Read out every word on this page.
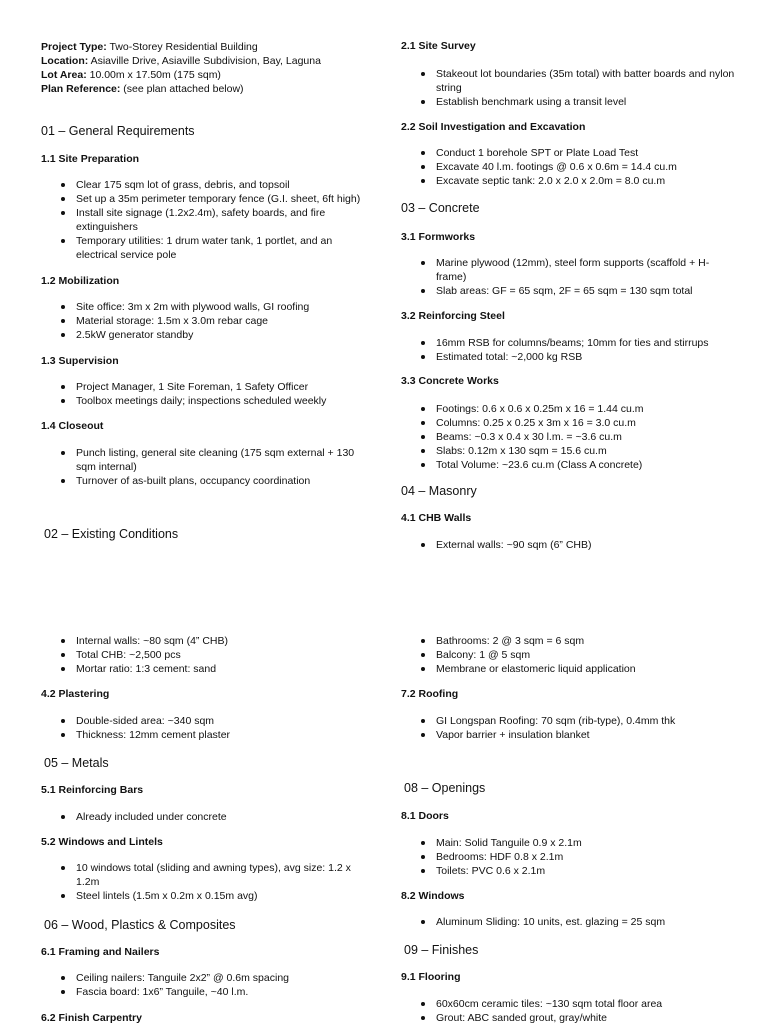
Project Type: Two-Storey Residential Building
Location: Asiaville Drive, Asiaville Subdivision, Bay, Laguna
Lot Area: 10.00m x 17.50m (175 sqm)
Plan Reference: (see plan attached below)
01 – General Requirements
1.1 Site Preparation
Clear 175 sqm lot of grass, debris, and topsoil
Set up a 35m perimeter temporary fence (G.I. sheet, 6ft high)
Install site signage (1.2x2.4m), safety boards, and fire extinguishers
Temporary utilities: 1 drum water tank, 1 portlet, and an electrical service pole
1.2 Mobilization
Site office: 3m x 2m with plywood walls, GI roofing
Material storage: 1.5m x 3.0m rebar cage
2.5kW generator standby
1.3 Supervision
Project Manager, 1 Site Foreman, 1 Safety Officer
Toolbox meetings daily; inspections scheduled weekly
1.4 Closeout
Punch listing, general site cleaning (175 sqm external + 130 sqm internal)
Turnover of as-built plans, occupancy coordination
02 – Existing Conditions
Internal walls: ~80 sqm (4” CHB)
Total CHB: ~2,500 pcs
Mortar ratio: 1:3 cement: sand
4.2 Plastering
Double-sided area: ~340 sqm
Thickness: 12mm cement plaster
05 – Metals
5.1 Reinforcing Bars
Already included under concrete
5.2 Windows and Lintels
10 windows total (sliding and awning types), avg size: 1.2 x 1.2m
Steel lintels (1.5m x 0.2m x 0.15m avg)
06 – Wood, Plastics & Composites
6.1 Framing and Nailers
Ceiling nailers: Tanguile 2x2” @ 0.6m spacing
Fascia board: 1x6” Tanguile, ~40 l.m.
6.2 Finish Carpentry
2.1 Site Survey
Stakeout lot boundaries (35m total) with batter boards and nylon string
Establish benchmark using a transit level
2.2 Soil Investigation and Excavation
Conduct 1 borehole SPT or Plate Load Test
Excavate 40 l.m. footings @ 0.6 x 0.6m = 14.4 cu.m
Excavate septic tank: 2.0 x 2.0 x 2.0m = 8.0 cu.m
03 – Concrete
3.1 Formworks
Marine plywood (12mm), steel form supports (scaffold + H-frame)
Slab areas: GF = 65 sqm, 2F = 65 sqm = 130 sqm total
3.2 Reinforcing Steel
16mm RSB for columns/beams; 10mm for ties and stirrups
Estimated total: ~2,000 kg RSB
3.3 Concrete Works
Footings: 0.6 x 0.6 x 0.25m x 16 = 1.44 cu.m
Columns: 0.25 x 0.25 x 3m x 16 = 3.0 cu.m
Beams: ~0.3 x 0.4 x 30 l.m. = ~3.6 cu.m
Slabs: 0.12m x 130 sqm = 15.6 cu.m
Total Volume: ~23.6 cu.m (Class A concrete)
04 – Masonry
4.1 CHB Walls
External walls: ~90 sqm (6” CHB)
Bathrooms: 2 @ 3 sqm = 6 sqm
Balcony: 1 @ 5 sqm
Membrane or elastomeric liquid application
7.2 Roofing
GI Longspan Roofing: 70 sqm (rib-type), 0.4mm thk
Vapor barrier + insulation blanket
08 – Openings
8.1 Doors
Main: Solid Tanguile 0.9 x 2.1m
Bedrooms: HDF 0.8 x 2.1m
Toilets: PVC 0.6 x 2.1m
8.2 Windows
Aluminum Sliding: 10 units, est. glazing = 25 sqm
09 – Finishes
9.1 Flooring
60x60cm ceramic tiles: ~130 sqm total floor area
Grout: ABC sanded grout, gray/white
